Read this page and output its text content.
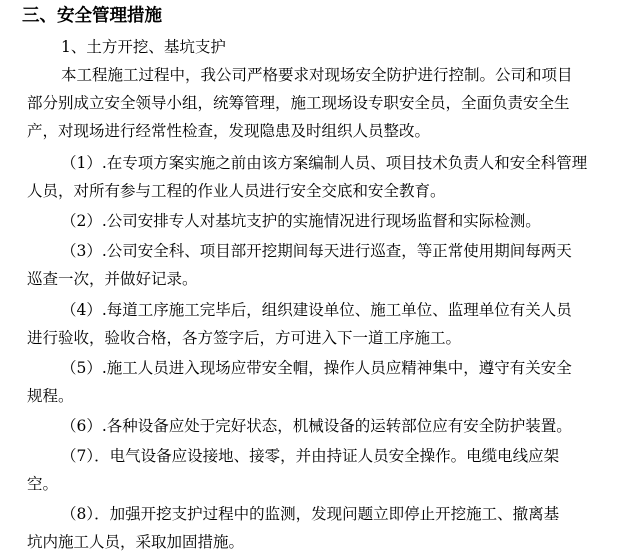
三、安全管理措施
1、土方开挖、基坑支护
本工程施工过程中，我公司严格要求对现场安全防护进行控制。公司和项目
部分别成立安全领导小组，统筹管理，施工现场设专职安全员，全面负责安全生
产，对现场进行经常性检查，发现隐患及时组织人员整改。
（1）.在专项方案实施之前由该方案编制人员、项目技术负责人和安全科管理
人员，对所有参与工程的作业人员进行安全交底和安全教育。
（2）.公司安排专人对基坑支护的实施情况进行现场监督和实际检测。
（3）.公司安全科、项目部开挖期间每天进行巡查，等正常使用期间每两天
巡查一次，并做好记录。
（4）.每道工序施工完毕后，组织建设单位、施工单位、监理单位有关人员
进行验收，验收合格，各方签字后，方可进入下一道工序施工。
（5）.施工人员进入现场应带安全帽，操作人员应精神集中，遵守有关安全
规程。
（6）.各种设备应处于完好状态，机械设备的运转部位应有安全防护装置。
（7）．电气设备应设接地、接零，并由持证人员安全操作。电缆电线应架
空。
（8）．加强开挖支护过程中的监测，发现问题立即停止开挖施工、撤离基
坑内施工人员，采取加固措施。
